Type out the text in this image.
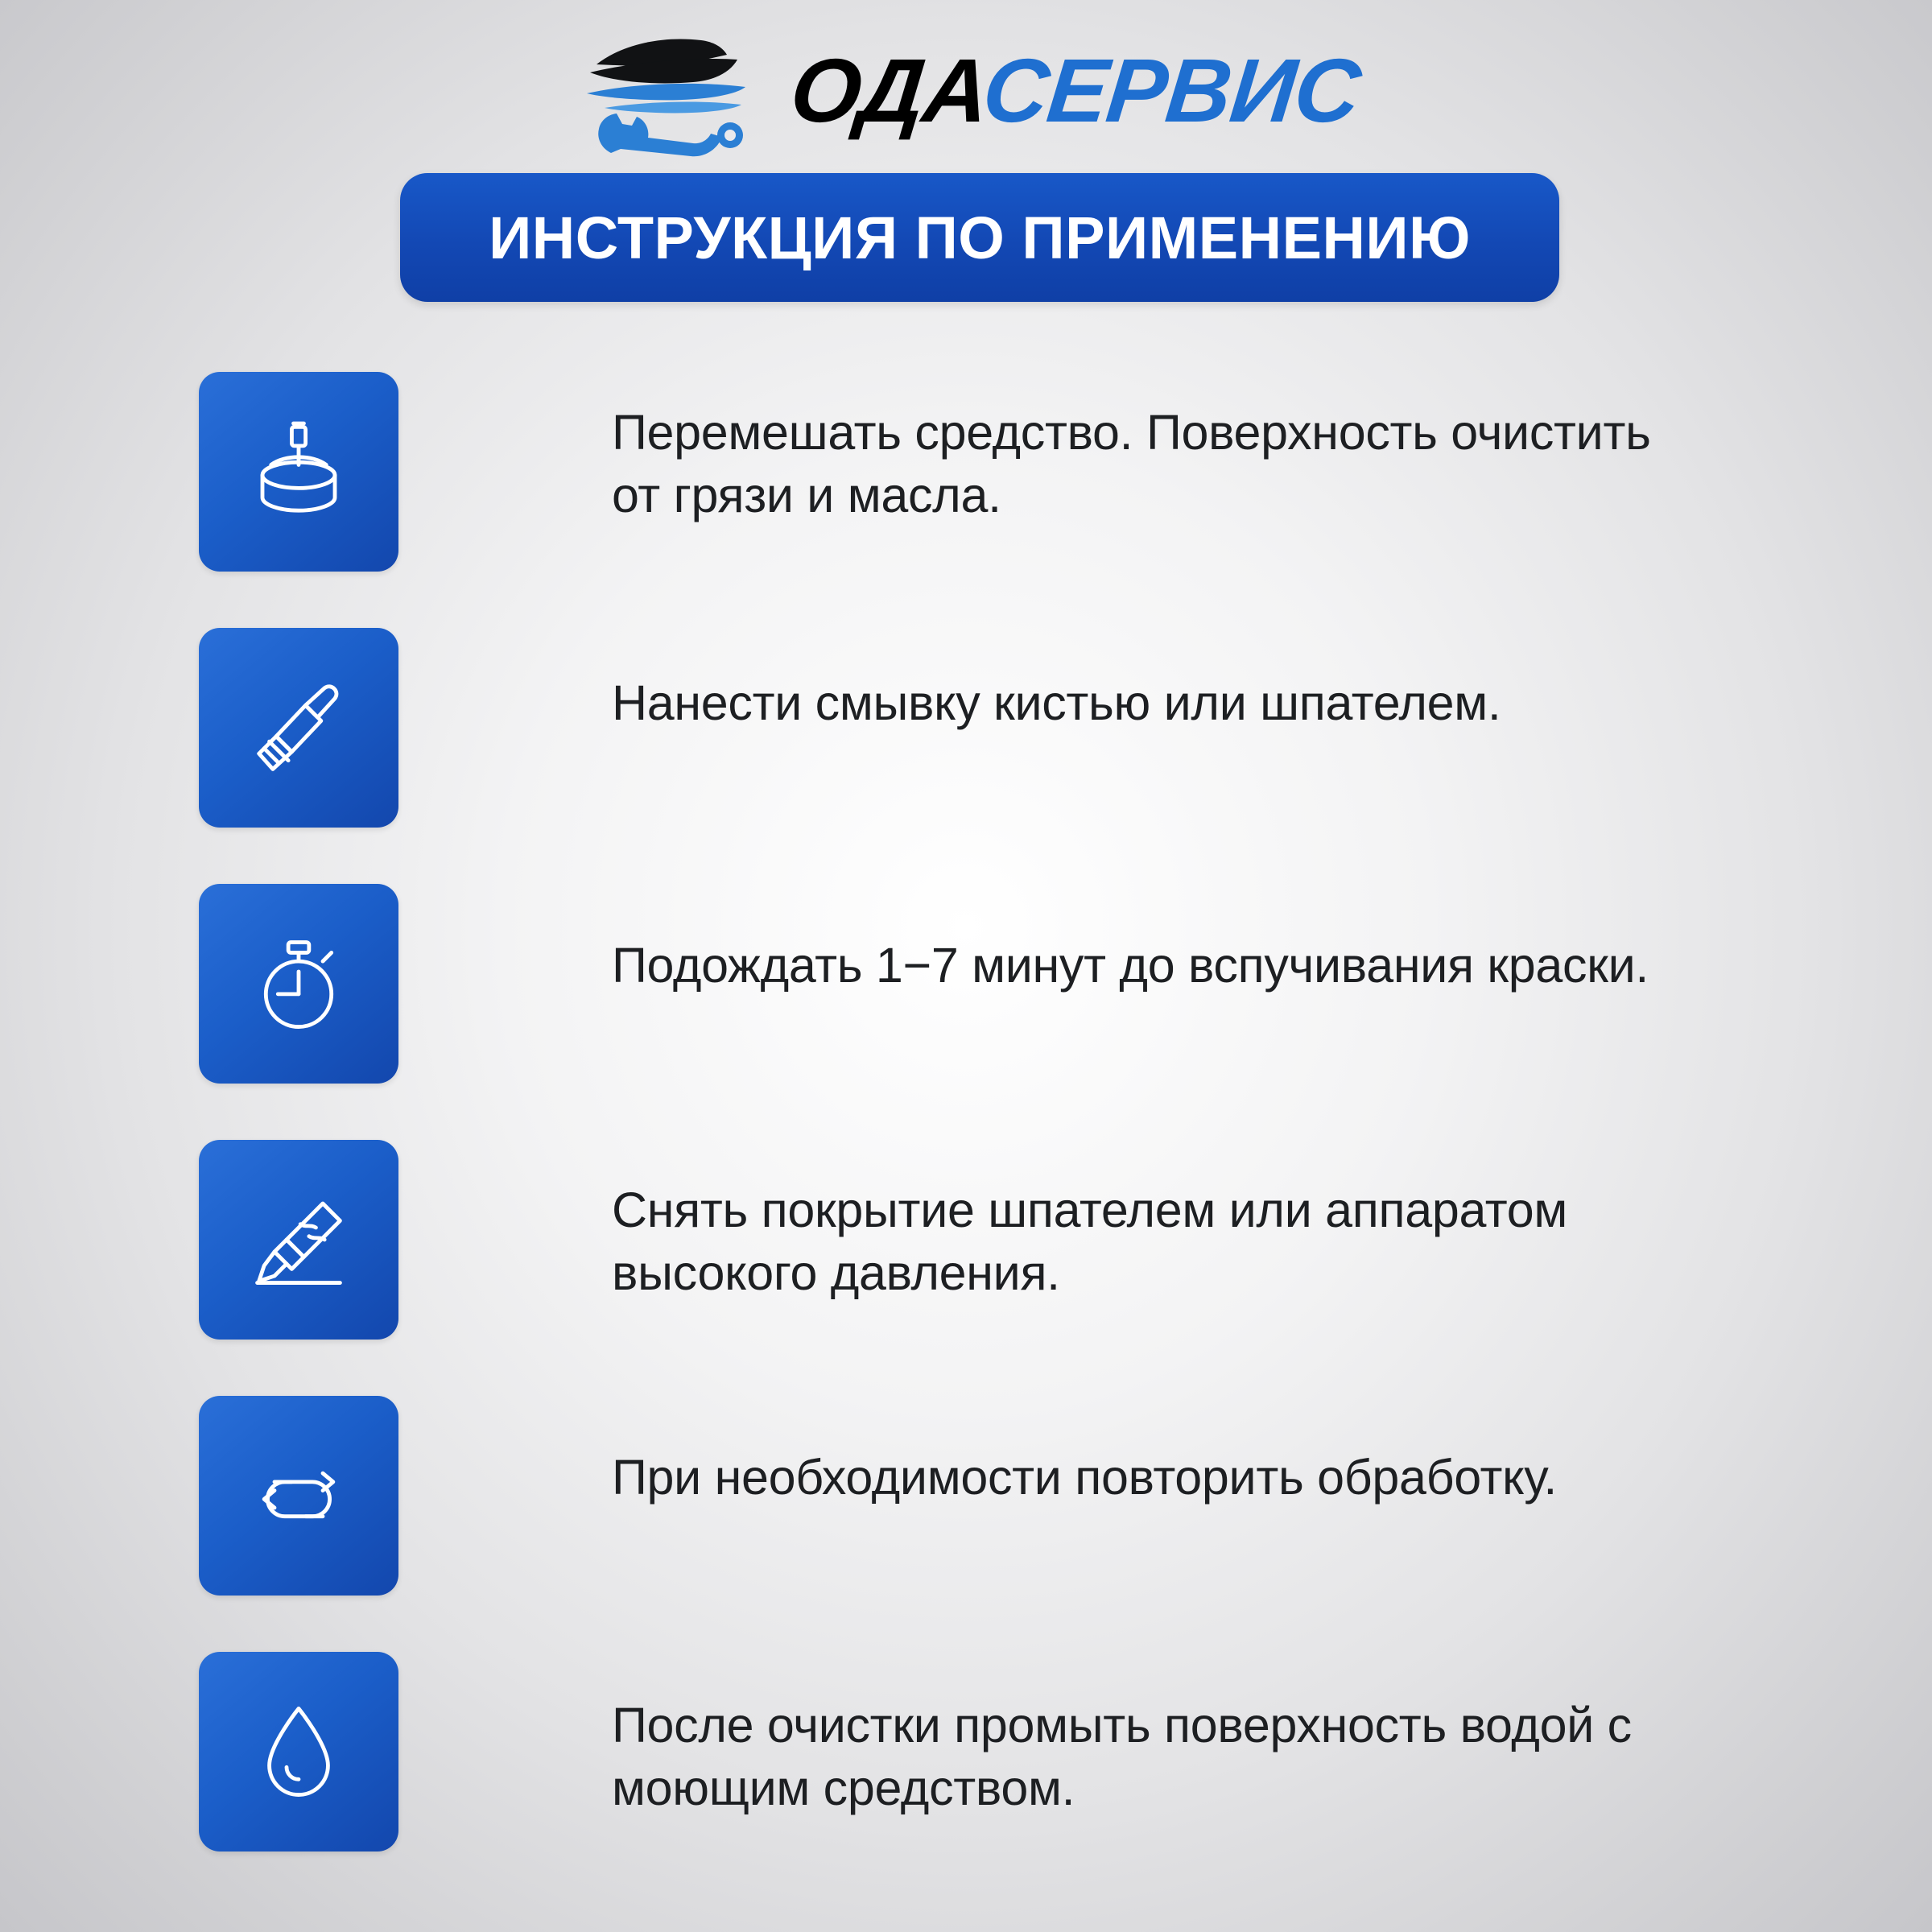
ОДАСЕРВИС
ИНСТРУКЦИЯ ПО ПРИМЕНЕНИЮ
Перемешать средство. Поверхность очистить от грязи и масла.
Нанести смывку кистью или шпателем.
Подождать 1−7 минут до вспучивания краски.
Снять покрытие шпателем или аппаратом высокого давления.
При необходимости повторить обработку.
После очистки промыть поверхность водой с моющим средством.
